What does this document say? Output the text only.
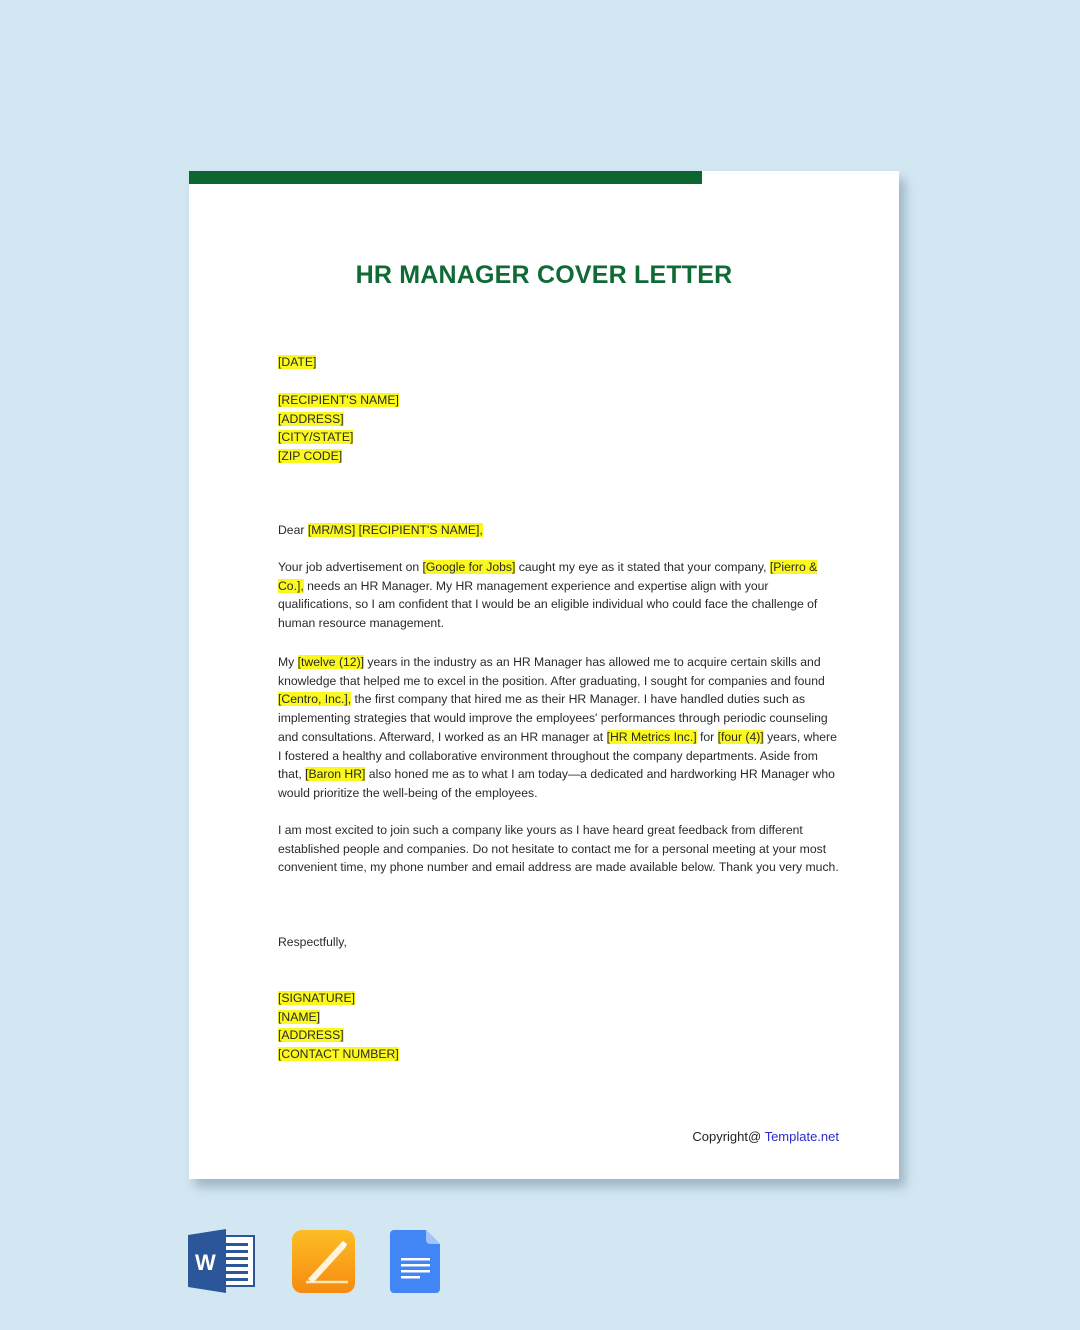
HR MANAGER COVER LETTER
[DATE]
[RECIPIENT'S NAME]
[ADDRESS]
[CITY/STATE]
[ZIP CODE]
Dear [MR/MS] [RECIPIENT'S NAME],

Your job advertisement on [Google for Jobs] caught my eye as it stated that your company, [Pierro & Co.], needs an HR Manager. My HR management experience and expertise align with your qualifications, so I am confident that I would be an eligible individual who could face the challenge of human resource management.

My [twelve (12)] years in the industry as an HR Manager has allowed me to acquire certain skills and knowledge that helped me to excel in the position. After graduating, I sought for companies and found [Centro, Inc.], the first company that hired me as their HR Manager. I have handled duties such as implementing strategies that would improve the employees' performances through periodic counseling and consultations. Afterward, I worked as an HR manager at [HR Metrics Inc.] for [four (4)] years, where I fostered a healthy and collaborative environment throughout the company departments. Aside from that, [Baron HR] also honed me as to what I am today—a dedicated and hardworking HR Manager who would prioritize the well-being of the employees.

I am most excited to join such a company like yours as I have heard great feedback from different established people and companies. Do not hesitate to contact me for a personal meeting at your most convenient time, my phone number and email address are made available below. Thank you very much.

Respectfully,
[SIGNATURE]
[NAME]
[ADDRESS]
[CONTACT NUMBER]
Copyright@ Template.net
W
